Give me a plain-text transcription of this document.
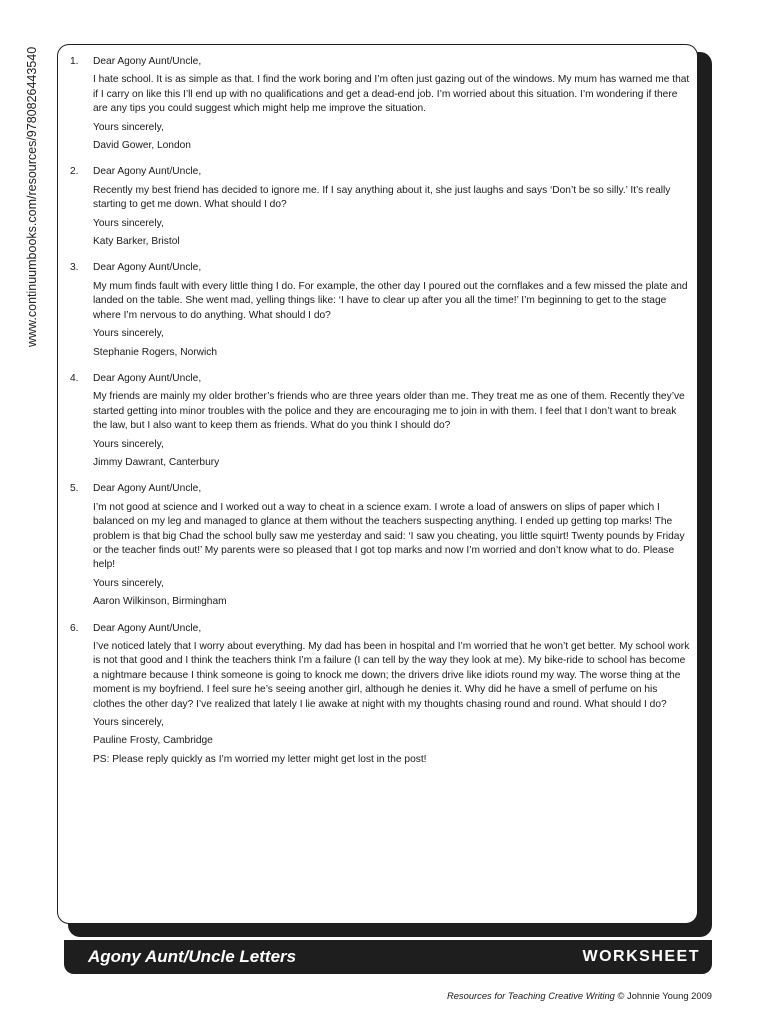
www.continuumbooks.com/resources/9780826443540	1. Dear Agony Aunt/Uncle,

I hate school. It is as simple as that. I find the work boring and I’m often just gazing out of the windows. My mum has warned me that if I carry on like this I’ll end up with no qualifications and get a dead-end job. I’m worried about this situation. I’m wondering if there are any tips you could suggest which might help me improve the situation.

Yours sincerely,

David Gower, London

2. Dear Agony Aunt/Uncle,

Recently my best friend has decided to ignore me. If I say anything about it, she just laughs and says ‘Don’t be so silly.’ It’s really starting to get me down. What should I do?

Yours sincerely,

Katy Barker, Bristol

3. Dear Agony Aunt/Uncle,

My mum finds fault with every little thing I do. For example, the other day I poured out the cornflakes and a few missed the plate and landed on the table. She went mad, yelling things like: ‘I have to clear up after you all the time!’ I’m beginning to get to the stage where I’m nervous to do anything. What should I do?

Yours sincerely,

Stephanie Rogers, Norwich

4. Dear Agony Aunt/Uncle,

My friends are mainly my older brother’s friends who are three years older than me. They treat me as one of them. Recently they’ve started getting into minor troubles with the police and they are encouraging me to join in with them. I feel that I don’t want to break the law, but I also want to keep them as friends. What do you think I should do?

Yours sincerely,

Jimmy Dawrant, Canterbury

5. Dear Agony Aunt/Uncle,

I’m not good at science and I worked out a way to cheat in a science exam. I wrote a load of answers on slips of paper which I balanced on my leg and managed to glance at them without the teachers suspecting anything. I ended up getting top marks! The problem is that big Chad the school bully saw me yesterday and said: ‘I saw you cheating, you little squirt! Twenty pounds by Friday or the teacher finds out!’ My parents were so pleased that I got top marks and now I’m worried and don’t know what to do. Please help!

Yours sincerely,

Aaron Wilkinson, Birmingham

6. Dear Agony Aunt/Uncle,

I’ve noticed lately that I worry about everything. My dad has been in hospital and I’m worried that he won’t get better. My school work is not that good and I think the teachers think I’m a failure (I can tell by the way they look at me). My bike-ride to school has become a nightmare because I think someone is going to knock me down; the drivers drive like idiots round my way. The worse thing at the moment is my boyfriend. I feel sure he’s seeing another girl, although he denies it. Why did he have a smell of perfume on his clothes the other day? I’ve realized that lately I lie awake at night with my thoughts chasing round and round. What should I do?

Yours sincerely,

Pauline Frosty, Cambridge

PS: Please reply quickly as I’m worried my letter might get lost in the post!

Agony Aunt/Uncle Letters	WORKSHEET
Resources for Teaching Creative Writing © Johnnie Young 2009
